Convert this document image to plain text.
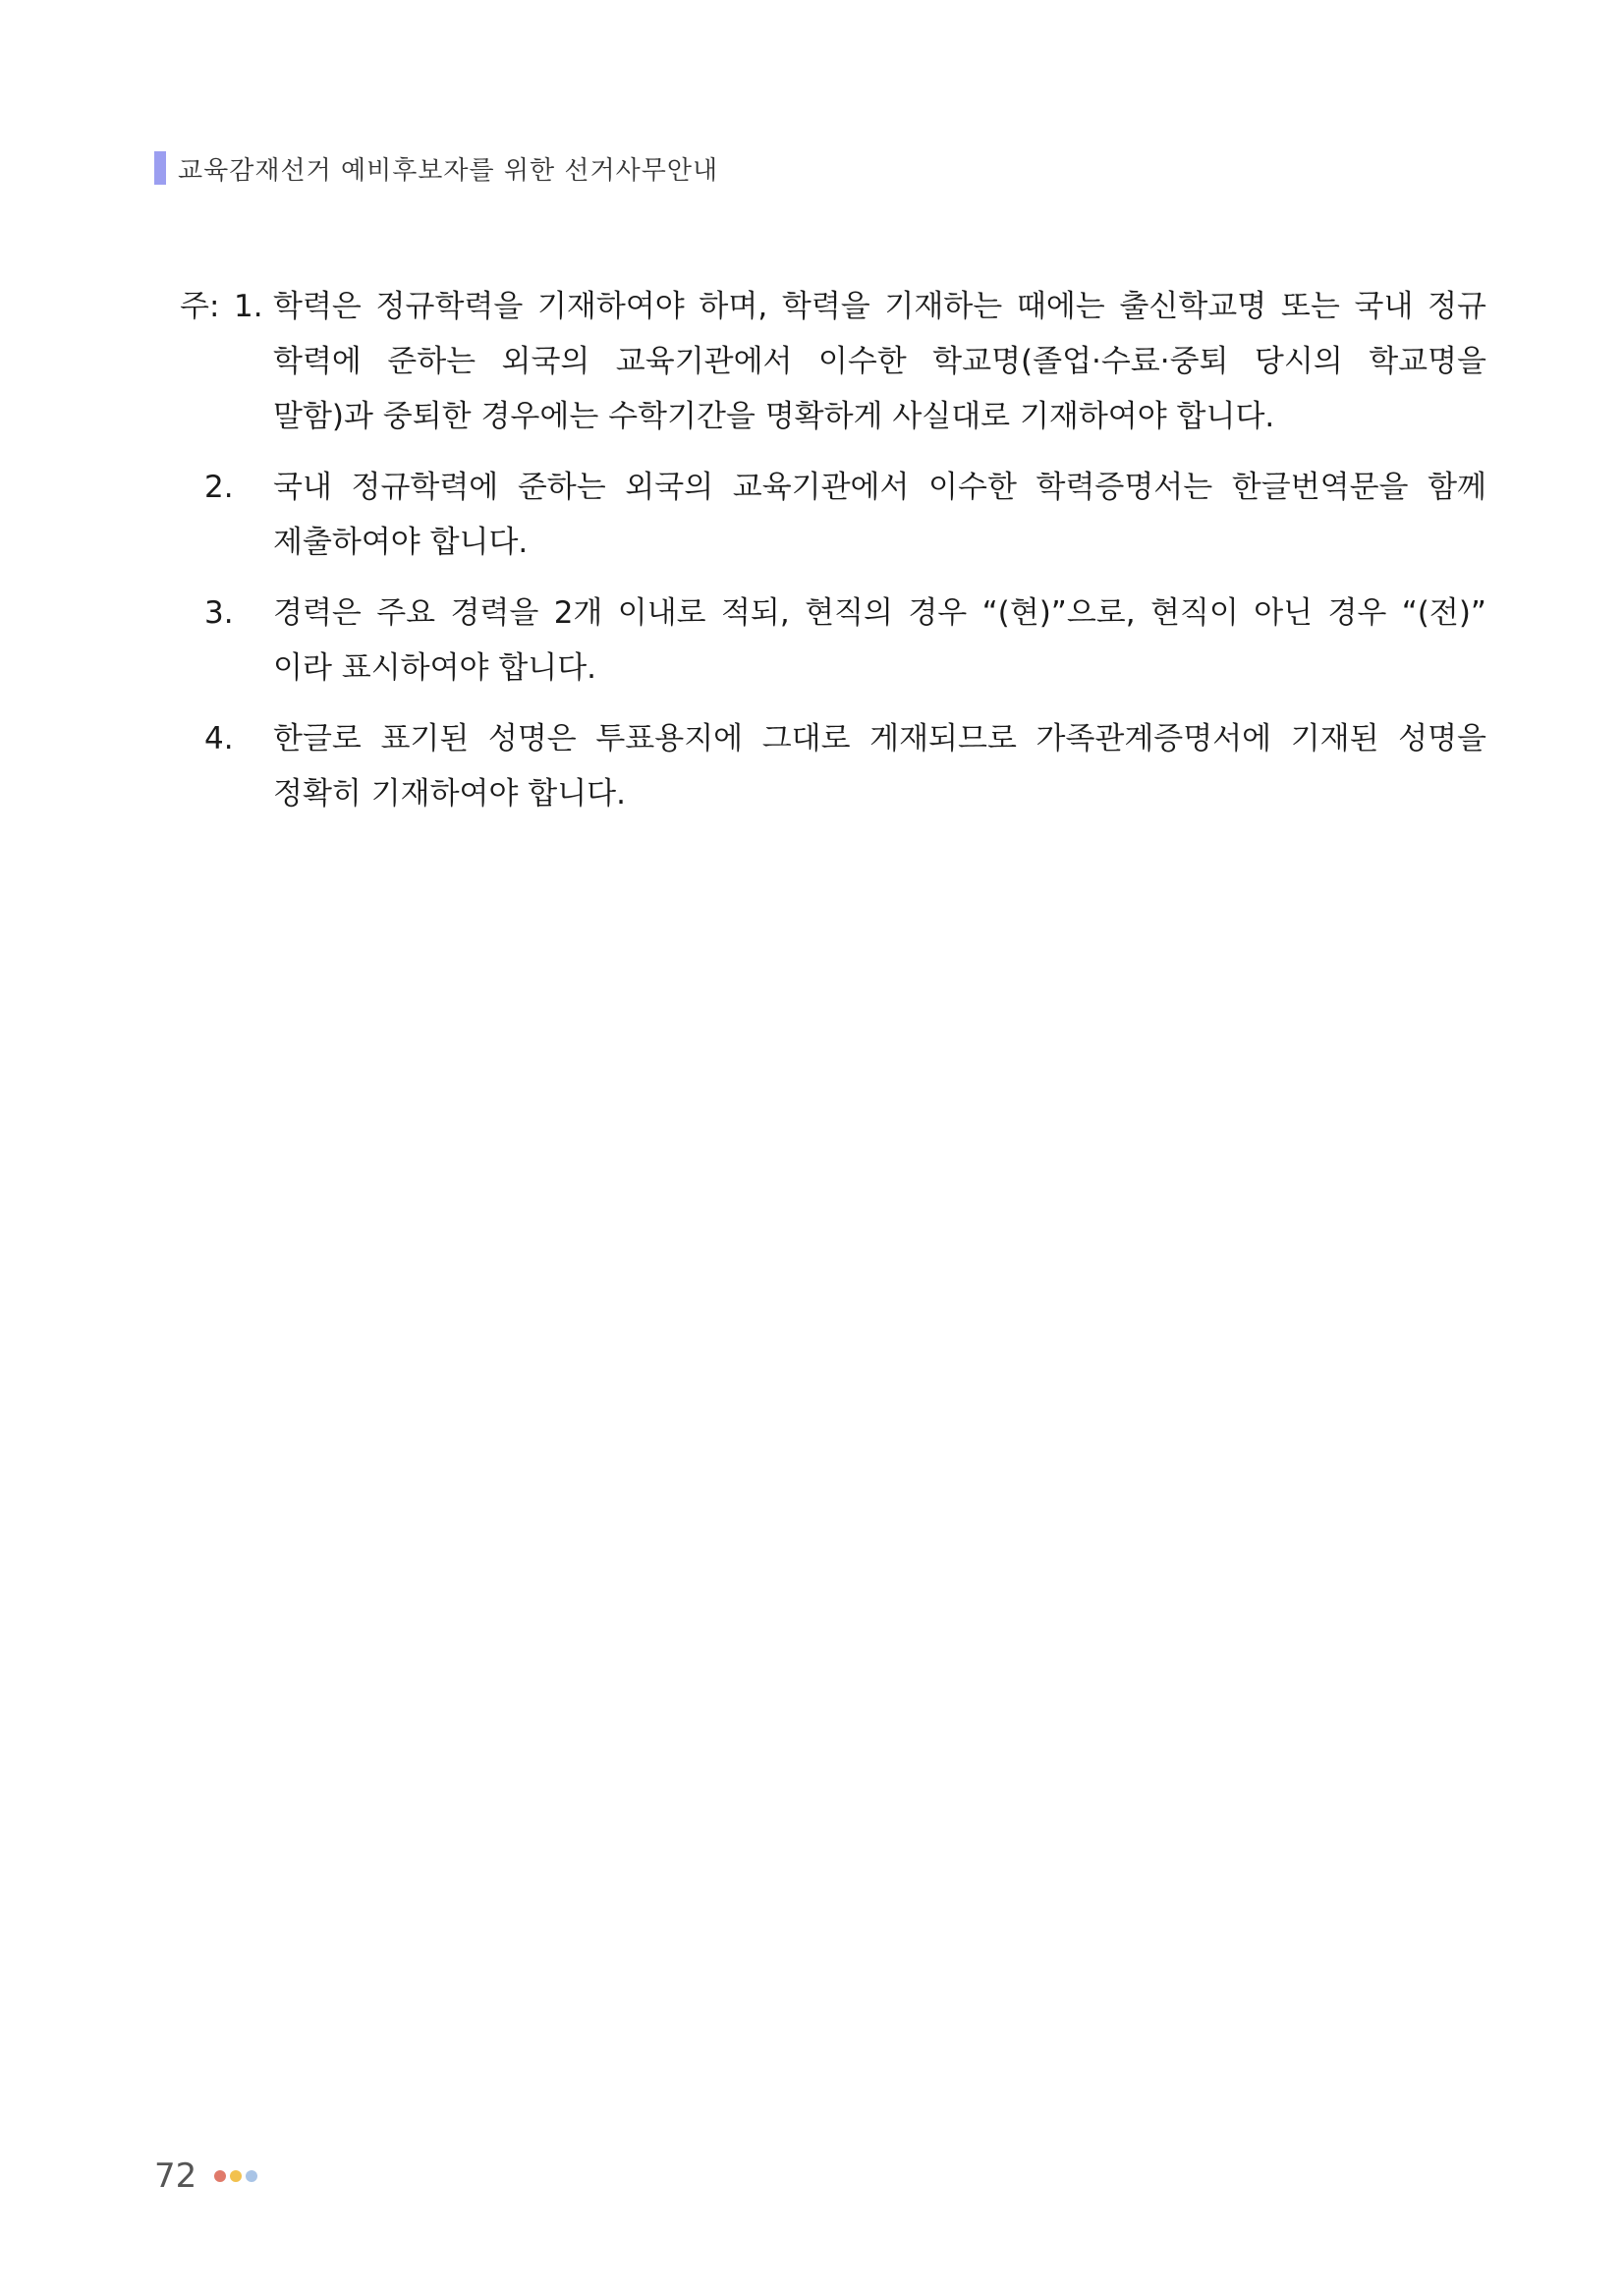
교육감재선거 예비후보자를 위한 선거사무안내
주: 1. 학력은 정규학력을 기재하여야 하며, 학력을 기재하는 때에는 출신학교명 또는 국내 정규
학력에 준하는 외국의 교육기관에서 이수한 학교명(졸업·수료·중퇴 당시의 학교명을
말함)과 중퇴한 경우에는 수학기간을 명확하게 사실대로 기재하여야 합니다.
2. 국내 정규학력에 준하는 외국의 교육기관에서 이수한 학력증명서는 한글번역문을 함께
제출하여야 합니다.
3. 경력은 주요 경력을 2개 이내로 적되, 현직의 경우 “(현)”으로, 현직이 아닌 경우 “(전)”
이라 표시하여야 합니다.
4. 한글로 표기된 성명은 투표용지에 그대로 게재되므로 가족관계증명서에 기재된 성명을
정확히 기재하여야 합니다.
72
